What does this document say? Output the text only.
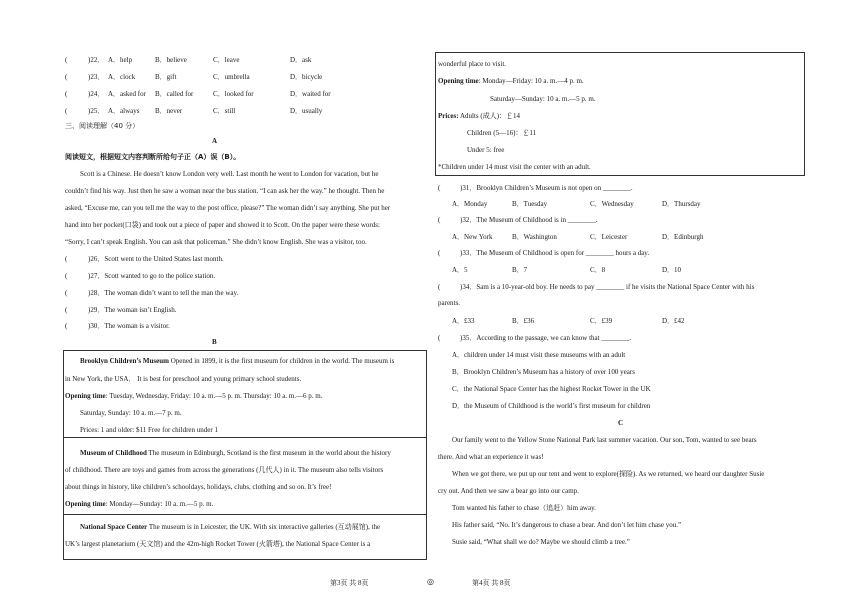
(	)22． A．help	B．believe	C．leave	D．ask
(	)23． A．clock	B．gift	C．umbrella	D．bicycle
(	)24． A．asked for B．called for	C．looked for	D．waited for
(	)25． A．always B．never	C．still	D．usually
三、阅读理解（40 分）
A
阅读短文，根据短文内容判断所给句子正（A）误（B）。
Scott is a Chinese. He doesn’t know London very well. Last month he went to London for vacation, but he
couldn’t find his way. Just then he saw a woman near the bus station. “I can ask her the way.” he thought. Then he
asked, “Excuse me, can you tell me the way to the post office, please?” The woman didn’t say anything. She put her
hand into her pocket(口袋) and took out a piece of paper and showed it to Scott. On the paper were these words:
“Sorry, I can’t speak English. You can ask that policeman.” She didn’t know English. She was a visitor, too.
(	)26．Scott went to the United States last month.
(	)27．Scott wanted to go to the police station.
(	)28．The woman didn’t want to tell the man the way.
(	)29．The woman isn’t English.
(	)30．The woman is a visitor.
B
Brooklyn Children’s Museum Opened in 1899, it is the first museum for children in the world. The museum is
in New York, the USA． It is best for preschool and young primary school students.
Opening time: Tuesday, Wednesday, Friday: 10 a. m.—5 p. m. Thursday: 10 a. m.—6 p. m.
Saturday, Sunday: 10 a. m.—7 p. m.
Prices: 1 and older: $11 Free for children under 1
Museum of Childhood The museum in Edinburgh, Scotland is the first museum in the world about the history
of childhood. There are toys and games from across the generations (几代人) in it. The museum also tells visitors
about things in history, like children’s schooldays, holidays, clubs, clothing and so on. It’s free!
Opening time: Monday—Sunday: 10 a. m.—5 p. m.
National Space Center The museum is in Leicester, the UK. With six interactive galleries (互动展馆), the
UK’s largest planetarium (天文馆) and the 42m-high Rocket Tower (火箭塔), the National Space Center is a
第3页 共 8页	◎
wonderful place to visit.
Opening time: Monday—Friday: 10 a. m.—4 p. m.
Saturday—Sunday: 10 a. m.—5 p. m.
Prices: Adults (成人)：￡14
Children (5—16)：￡11
Under 5: free
*Children under 14 must visit the center with an adult.
(	)31．Brooklyn Children’s Museum is not open on ________.
A．Monday	B．Tuesday	C．Wednesday	D．Thursday
(	)32．The Museum of Childhood is in ________.
A．New York	B．Washington	C．Leicester	D．Edinburgh
(	)33．The Museum of Childhood is open for ________ hours a day.
A．5	B．7	C．8	D．10
(	)34．Sam is a 10-year-old boy. He needs to pay ________ if he visits the National Space Center with his
parents.
A．£33	B．£36	C．£39	D．£42
(	)35．According to the passage, we can know that ________.
A．children under 14 must visit these museums with an adult
B．Brooklyn Children’s Museum has a history of over 100 years
C．the National Space Center has the highest Rocket Tower in the UK
D．the Museum of Childhood is the world’s first museum for children
C
Our family went to the Yellow Stone National Park last summer vacation. Our son, Tom, wanted to see bears
there. And what an experience it was!
When we got there, we put up our tent and went to explore(探险). As we returned, we heard our daughter Susie
cry out. And then we saw a bear go into our camp.
Tom wanted his father to chase（追赶）him away.
His father said, “No. It’s dangerous to chase a bear. And don’t let him chase you.”
Susie said, “What shall we do? Maybe we should climb a tree.”
第4页 共 8页
